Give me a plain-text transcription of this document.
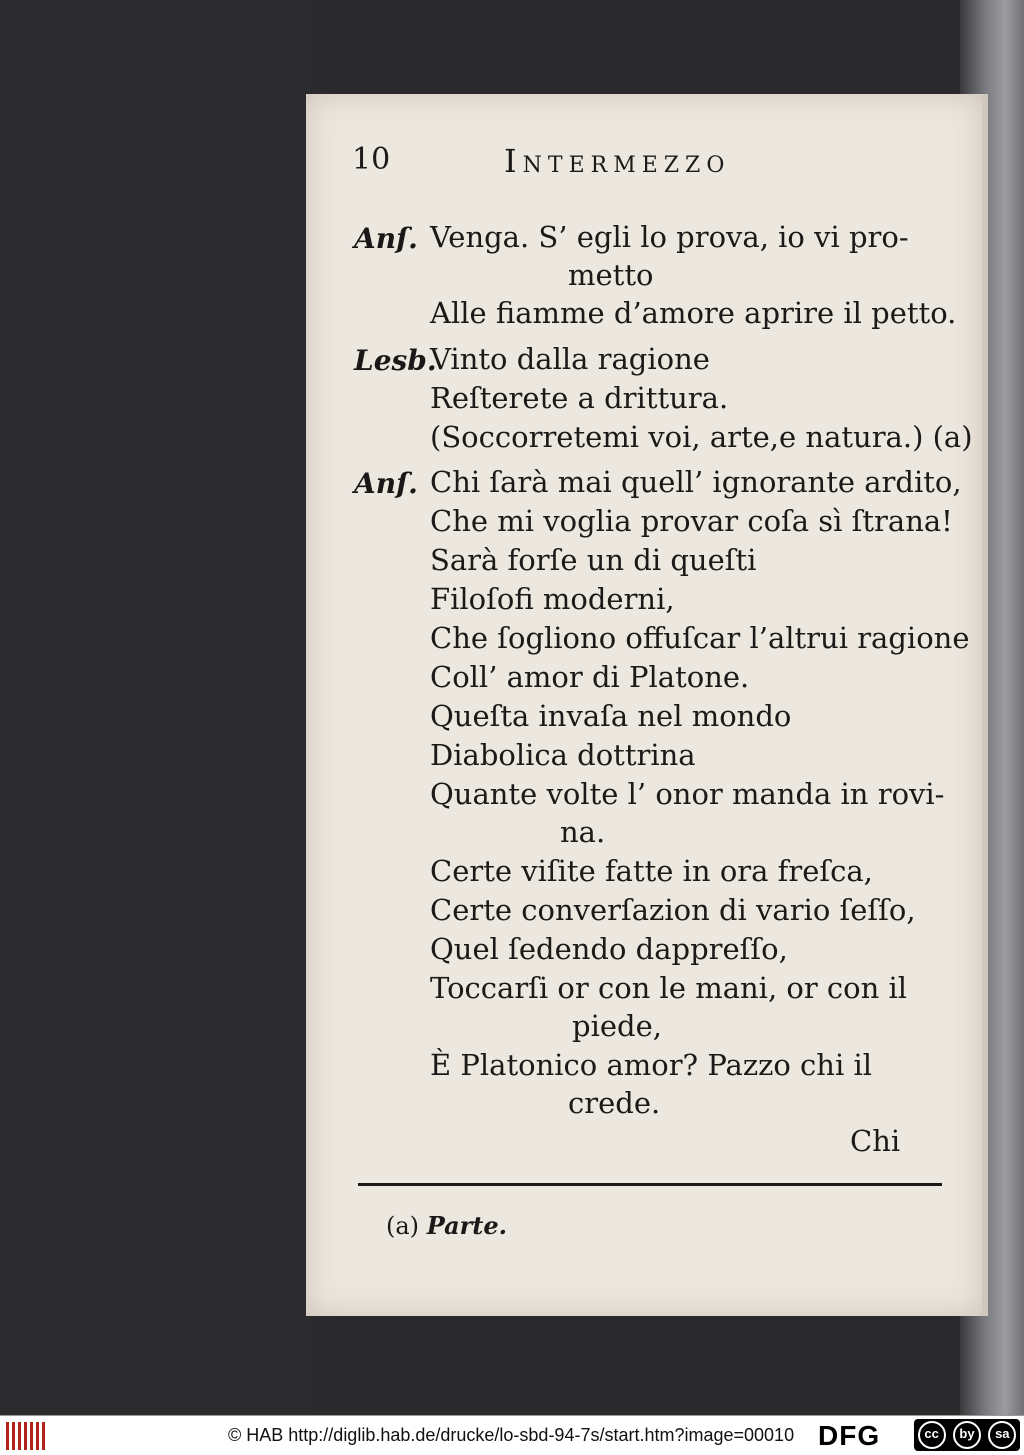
10	Intermezzo
Anſ. Venga. S’ egli lo prova, io vi pro-
metto
Alle fiamme d’amore aprire il petto.
Lesb.
Vinto dalla ragione
Reſterete a drittura.
(Soccorretemi voi, arte,e natura.) (a)
Anſ. Chi ſarà mai quell’ ignorante ardito,
Che mi voglia provar coſa sì ſtrana!
Sarà forſe un di queſti
Filoſofi moderni,
Che ſogliono offuſcar l’altrui ragione
Coll’ amor di Platone.
Queſta invaſa nel mondo
Diabolica dottrina
Quante volte l’ onor manda in rovi-
na.
Certe viſite fatte in ora freſca,
Certe converſazion di vario ſeſſo,
Quel ſedendo dappreſſo,
Toccarſi or con le mani, or con il
piede,
È Platonico amor? Pazzo chi il
crede.
Chi
(a) Parte.
© HAB http://diglib.hab.de/drucke/lo-sbd-94-7s/start.htm?image=00010 DFG	cc	by	sa
